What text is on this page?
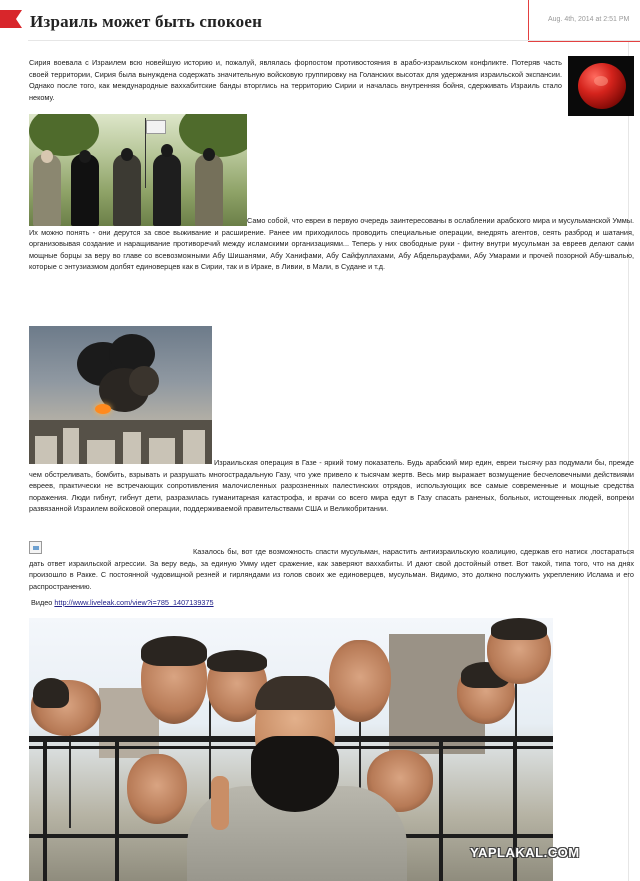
Израиль может быть спокоен	Aug. 4th, 2014 at 2:51 PM

Сирия воевала с Израилем всю новейшую историю и, пожалуй, являлась форпостом противостояния в арабо-израильском конфликте. Потеряв часть своей территории, Сирия была вынуждена содержать значительную войсковую группировку на Голанских высотах для удержания израильской экспансии. Однако после того, как международные ваххабитские банды вторглись на территорию Сирии и началась внутренняя бойня, сдерживать Израиль стало некому.

Само собой, что евреи в первую очередь заинтересованы в ослаблении арабского мира и мусульманской Уммы. Их можно понять - они дерутся за свое выживание и расширение. Ранее им приходилось проводить специальные операции, внедрять агентов, сеять разброд и шатания, организовывая создание и наращивание противоречий между исламскими организациями... Теперь у них свободные руки - фитну внутри мусульман за евреев делают сами мощные борцы за веру во главе со всевозможными Абу Шишанями, Абу Ханифами, Абу Сайфуллахами, Абу Абдельрауфами, Абу Умарами и прочей позорной Абу-швалью, которые с энтузиазмом долбят единоверцев как в Сирии, так и в Ираке, в Ливии, в Мали, в Судане и т.д.

Израильская операция в Газе - яркий тому показатель. Будь арабский мир един, евреи тысячу раз подумали бы, прежде чем обстреливать, бомбить, взрывать и разрушать многострадальную Газу, что уже привело к тысячам жертв. Весь мир выражает возмущение бесчеловечными действиями евреев, практически не встречающих сопротивления малочисленных разрозненных палестинских отрядов, использующих все самые современные и мощные средства поражения. Люди гибнут, гибнут дети, разразилась гуманитарная катастрофа, и врачи со всего мира едут в Газу спасать раненых, больных, истощенных людей, вопреки развязанной Израилем войсковой операции, поддерживаемой правительствами США и Великобритании.

Казалось бы, вот где возможность спасти мусульман, нарастить антиизраильскую коалицию, сдержав его натиск ,постараться дать ответ израильской агрессии. За веру ведь, за единую Умму идет сражение, как заверяют ваххабиты. И дают свой достойный ответ. Вот такой, типа того, что на днях произошло в Ракке. С постоянной чудовищной резней и гирляндами из голов своих же единоверцев, мусульман. Видимо, это должно послужить укреплению Ислама и его распространению.

Видео http://www.liveleak.com/view?i=785_1407139375
YAPLAKAL.COM
